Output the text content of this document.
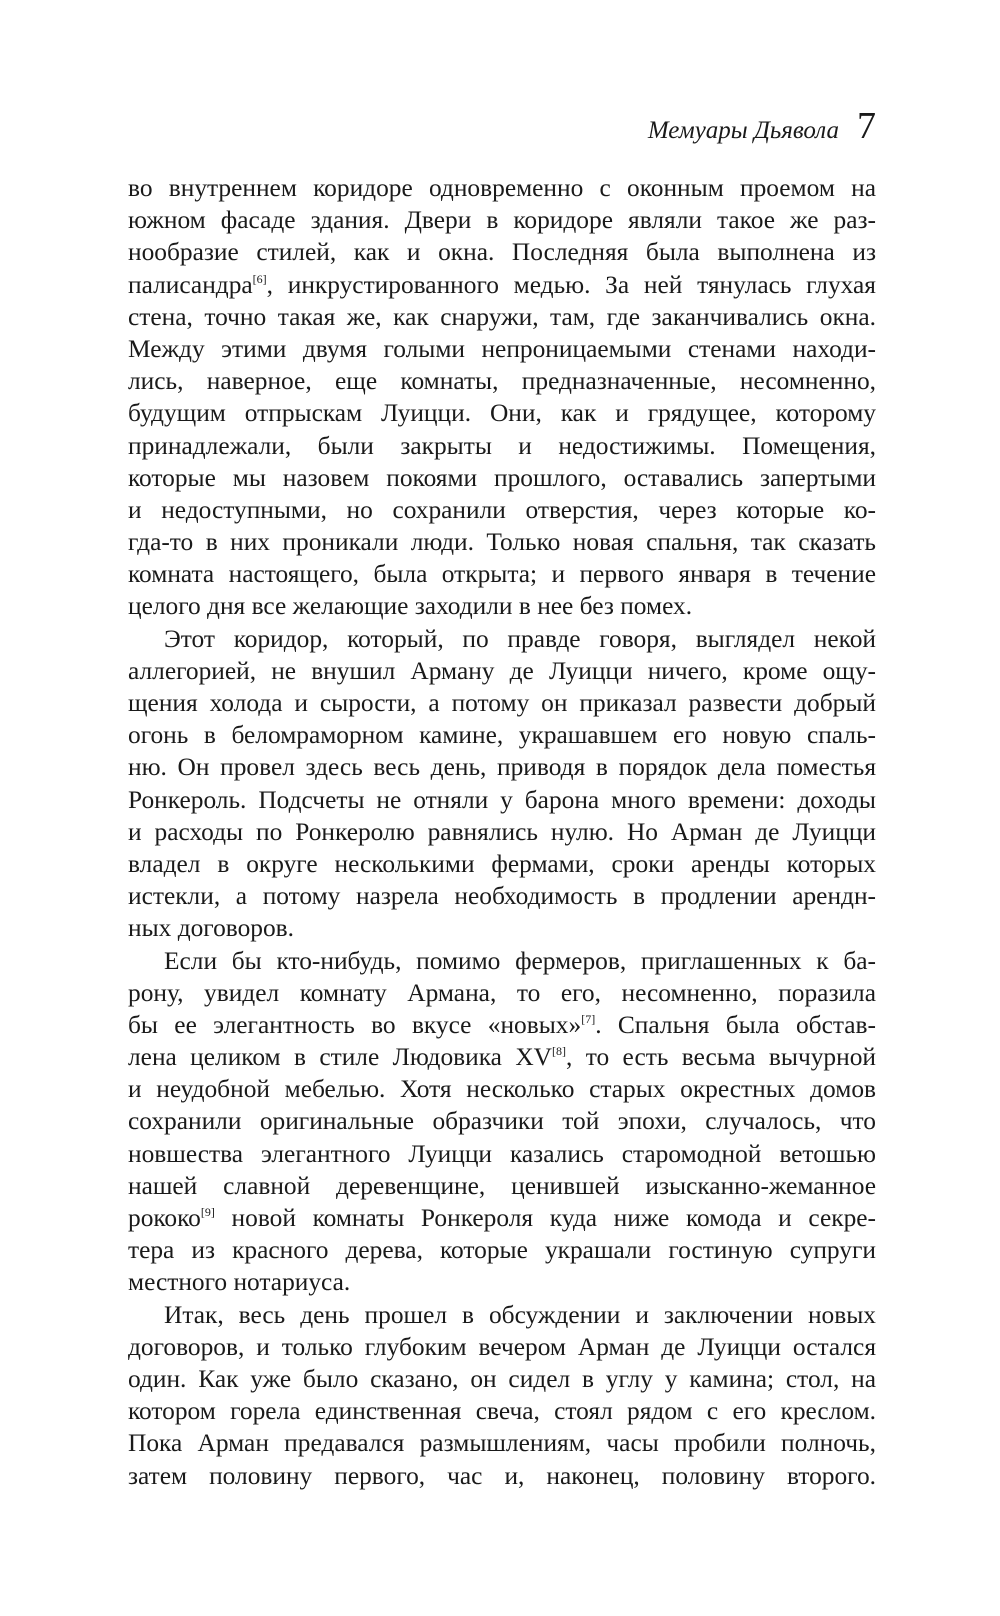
Мемуары Дьявола 7
во внутреннем коридоре одновременно с оконным проемом на
южном фасаде здания. Двери в коридоре являли такое же раз-
нообразие стилей, как и окна. Последняя была выполнена из
палисандра[6], инкрустированного медью. За ней тянулась глухая
стена, точно такая же, как снаружи, там, где заканчивались окна.
Между этими двумя голыми непроницаемыми стенами находи-
лись, наверное, еще комнаты, предназначенные, несомненно,
будущим отпрыскам Луицци. Они, как и грядущее, которому
принадлежали, были закрыты и недостижимы. Помещения,
которые мы назовем покоями прошлого, оставались запертыми
и недоступными, но сохранили отверстия, через которые ко-
гда-то в них проникали люди. Только новая спальня, так сказать
комната настоящего, была открыта; и первого января в течение
целого дня все желающие заходили в нее без помех.
Этот коридор, который, по правде говоря, выглядел некой
аллегорией, не внушил Арману де Луицци ничего, кроме ощу-
щения холода и сырости, а потому он приказал развести добрый
огонь в беломраморном камине, украшавшем его новую спаль-
ню. Он провел здесь весь день, приводя в порядок дела поместья
Ронкероль. Подсчеты не отняли у барона много времени: доходы
и расходы по Ронкеролю равнялись нулю. Но Арман де Луицци
владел в округе несколькими фермами, сроки аренды которых
истекли, а потому назрела необходимость в продлении арендн-
ных договоров.
Если бы кто-нибудь, помимо фермеров, приглашенных к ба-
рону, увидел комнату Армана, то его, несомненно, поразила
бы ее элегантность во вкусе «новых»[7]. Спальня была обстав-
лена целиком в стиле Людовика XV[8], то есть весьма вычурной
и неудобной мебелью. Хотя несколько старых окрестных домов
сохранили оригинальные образчики той эпохи, случалось, что
новшества элегантного Луицци казались старомодной ветошью
нашей славной деревенщине, ценившей изысканно-жеманное
рококо[9] новой комнаты Ронкероля куда ниже комода и секре-
тера из красного дерева, которые украшали гостиную супруги
местного нотариуса.
Итак, весь день прошел в обсуждении и заключении новых
договоров, и только глубоким вечером Арман де Луицци остался
один. Как уже было сказано, он сидел в углу у камина; стол, на
котором горела единственная свеча, стоял рядом с его креслом.
Пока Арман предавался размышлениям, часы пробили полночь,
затем половину первого, час и, наконец, половину второго.
